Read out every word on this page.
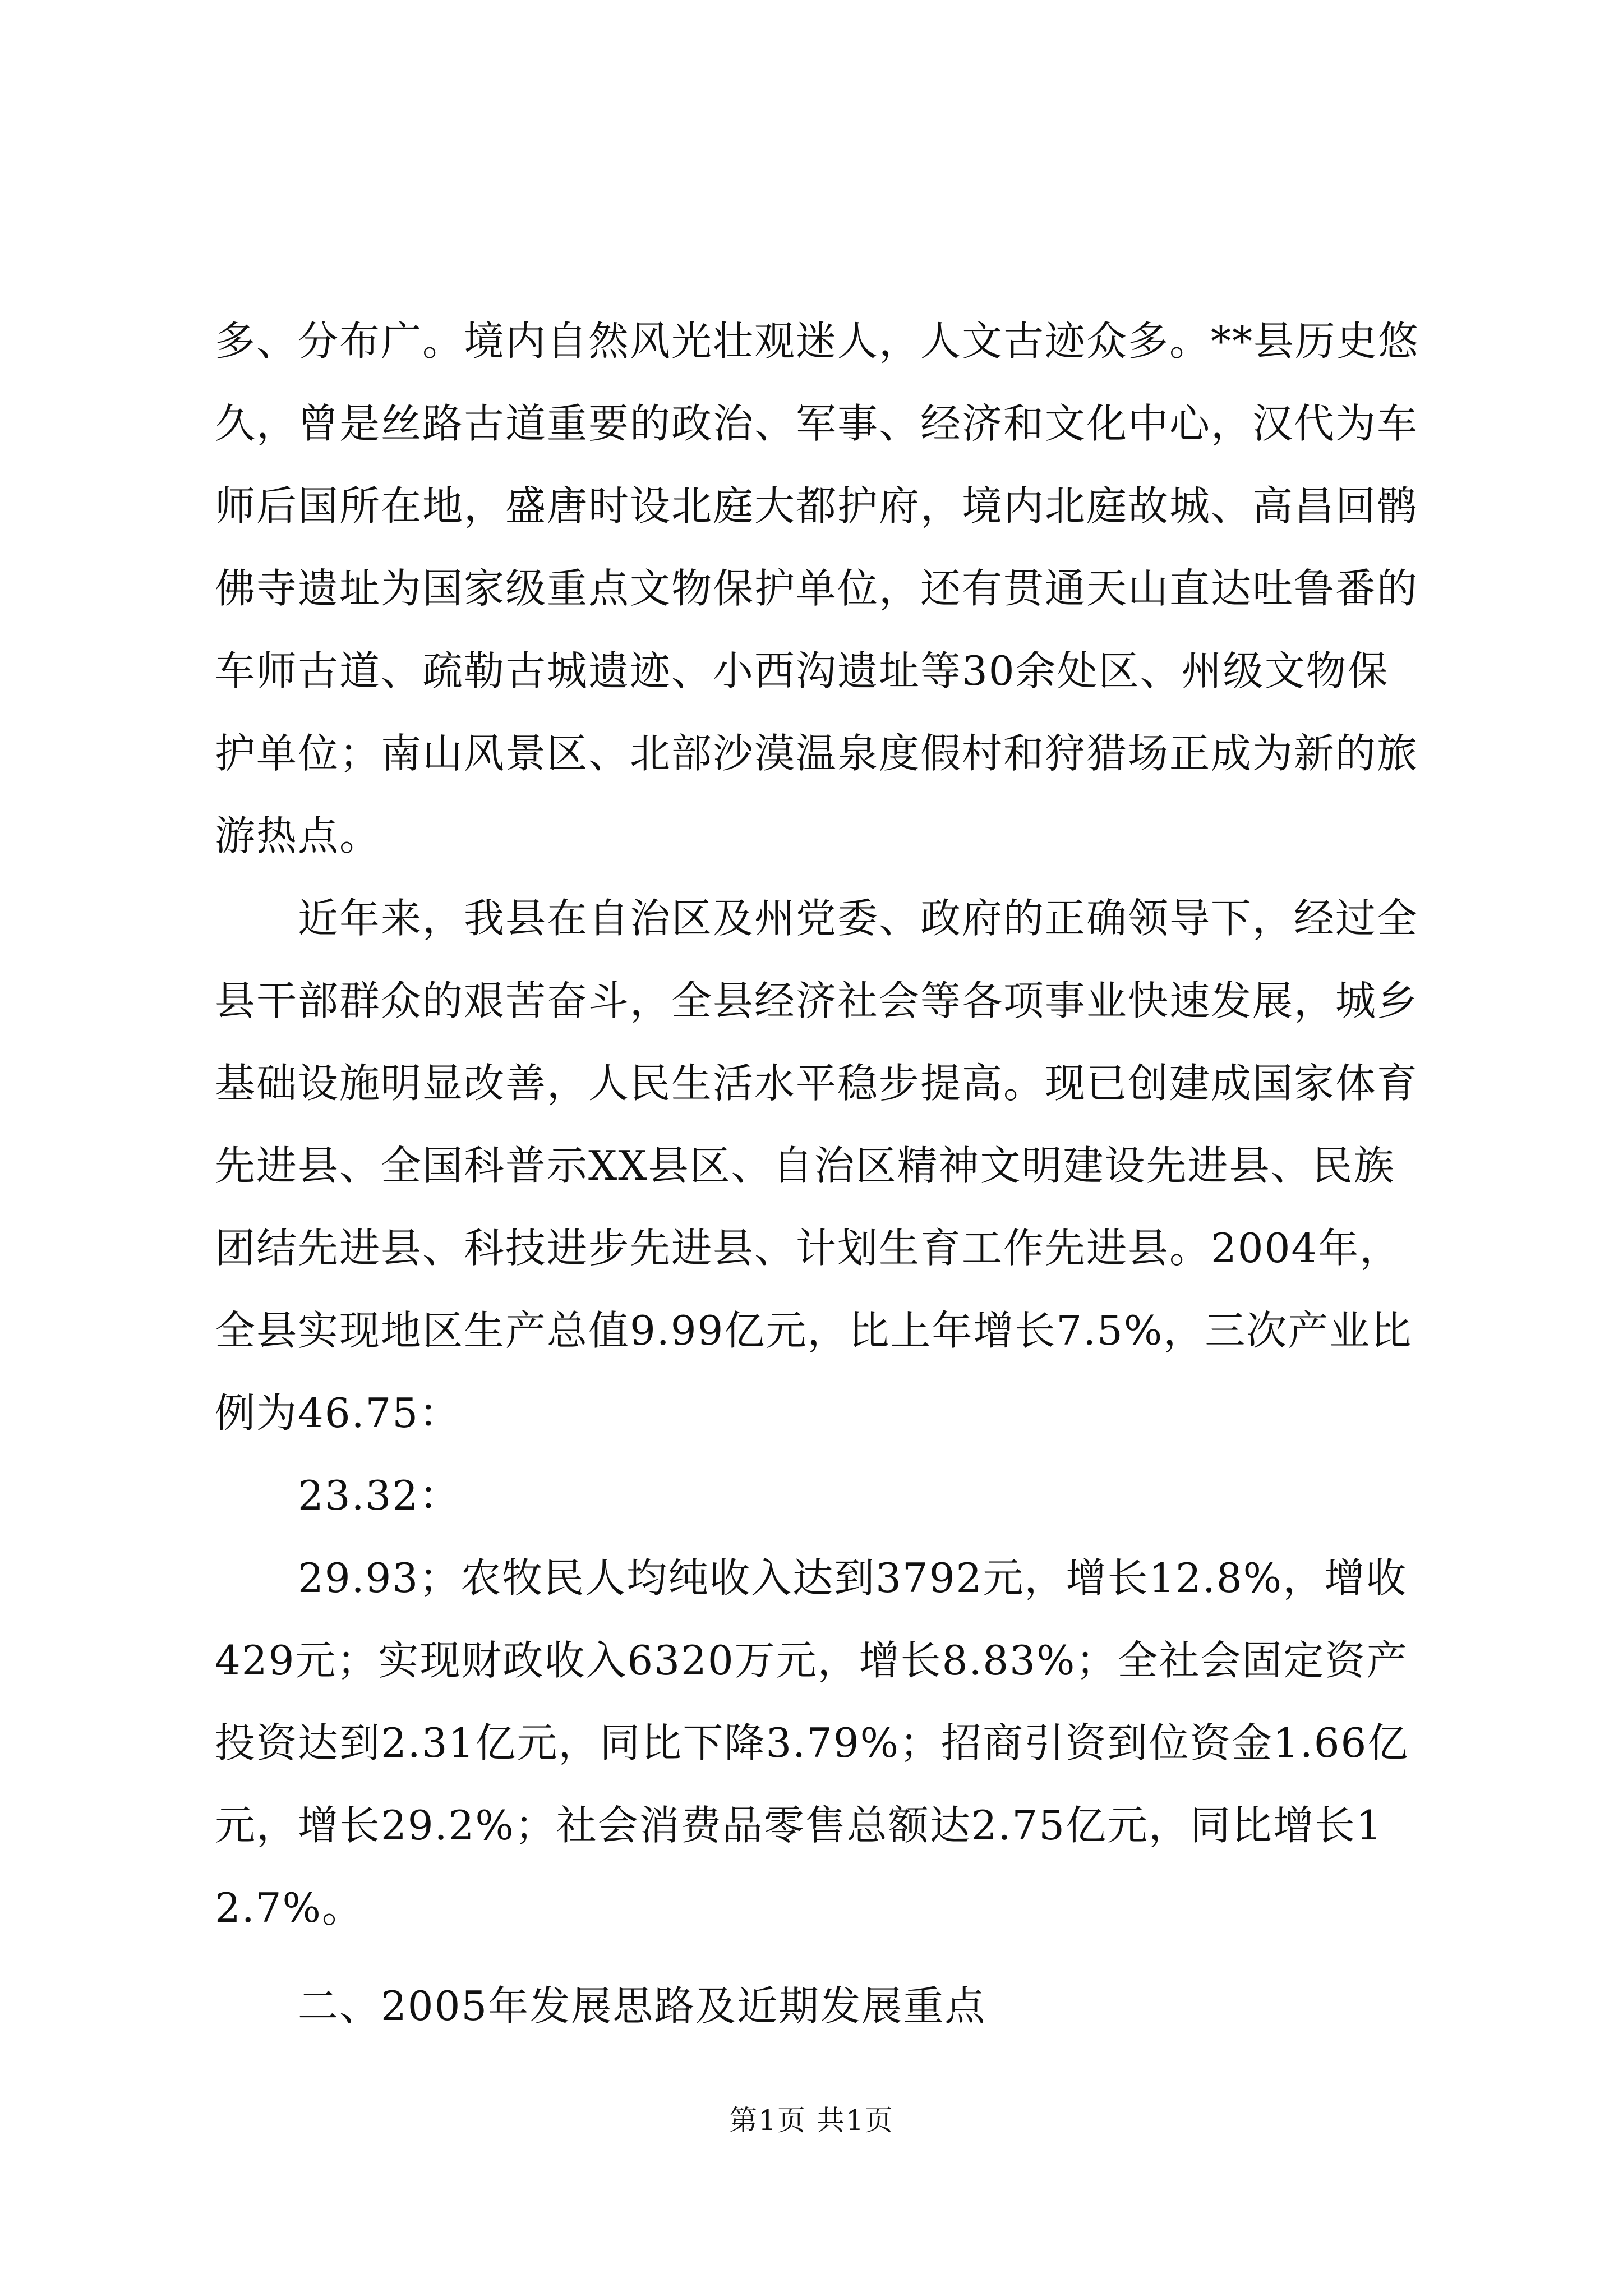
多、分布广。境内自然风光壮观迷人，人文古迹众多。**县历史悠久，曾是丝路古道重要的政治、军事、经济和文化中心，汉代为车师后国所在地，盛唐时设北庭大都护府，境内北庭故城、高昌回鹘佛寺遗址为国家级重点文物保护单位，还有贯通天山直达吐鲁番的车师古道、疏勒古城遗迹、小西沟遗址等30余处区、州级文物保护单位；南山风景区、北部沙漠温泉度假村和狩猎场正成为新的旅游热点。

近年来，我县在自治区及州党委、政府的正确领导下，经过全县干部群众的艰苦奋斗，全县经济社会等各项事业快速发展，城乡基础设施明显改善，人民生活水平稳步提高。现已创建成国家体育先进县、全国科普示XX县区、自治区精神文明建设先进县、民族团结先进县、科技进步先进县、计划生育工作先进县。2004年，全县实现地区生产总值9.99亿元，比上年增长7.5%，三次产业比例为46.75：

23.32：

29.93；农牧民人均纯收入达到3792元，增长12.8%，增收429元；实现财政收入6320万元，增长8.83%；全社会固定资产投资达到2.31亿元，同比下降3.79%；招商引资到位资金1.66亿元，增长29.2%；社会消费品零售总额达2.75亿元，同比增长12.7%。

二、2005年发展思路及近期发展重点

第1页 共1页
